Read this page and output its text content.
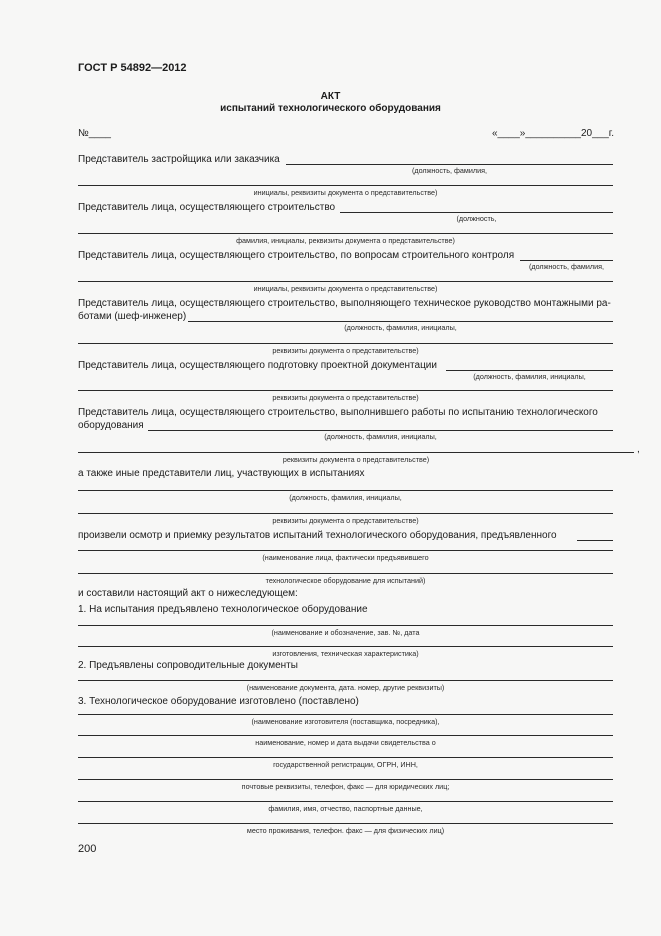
ГОСТ Р 54892—2012
АКТ
испытаний технологического оборудования
№____	«____»__________20___г.
Представитель застройщика или заказчика
(должность, фамилия,
инициалы, реквизиты документа о представительстве)
Представитель лица, осуществляющего строительство
(должность,
фамилия, инициалы, реквизиты документа о представительстве)
Представитель лица, осуществляющего строительство, по вопросам строительного контроля
(должность, фамилия,
инициалы, реквизиты документа о представительстве)
Представитель лица, осуществляющего строительство, выполняющего техническое руководство монтажными ра-
ботами (шеф-инженер)
(должность, фамилия, инициалы,
реквизиты документа о представительстве)
Представитель лица, осуществляющего подготовку проектной документации
(должность, фамилия, инициалы,
реквизиты документа о представительстве)
Представитель лица, осуществляющего строительство, выполнившего работы по испытанию технологического
оборудования
(должность, фамилия, инициалы,
,
реквизиты документа о представительстве)
а также иные представители лиц, участвующих в испытаниях
(должность, фамилия, инициалы,
реквизиты документа о представительстве)
произвели осмотр и приемку результатов испытаний технологического оборудования, предъявленного
(наименование лица, фактически предъявившего
технологическое оборудование для испытаний)
и составили настоящий акт о нижеследующем:
1. На испытания предъявлено технологическое оборудование
(наименование и обозначение, зав. №, дата
изготовления, техническая характеристика)
2. Предъявлены сопроводительные документы
(наименование документа, дата. номер, другие реквизиты)
3. Технологическое оборудование изготовлено (поставлено)
(наименование изготовителя (поставщика, посредника),
наименование, номер и дата выдачи свидетельства о
государственной регистрации, ОГРН, ИНН,
почтовые реквизиты, телефон, факс — для юридических лиц;
фамилия, имя, отчество, паспортные данные,
место проживания, телефон. факс — для физических лиц)
200
